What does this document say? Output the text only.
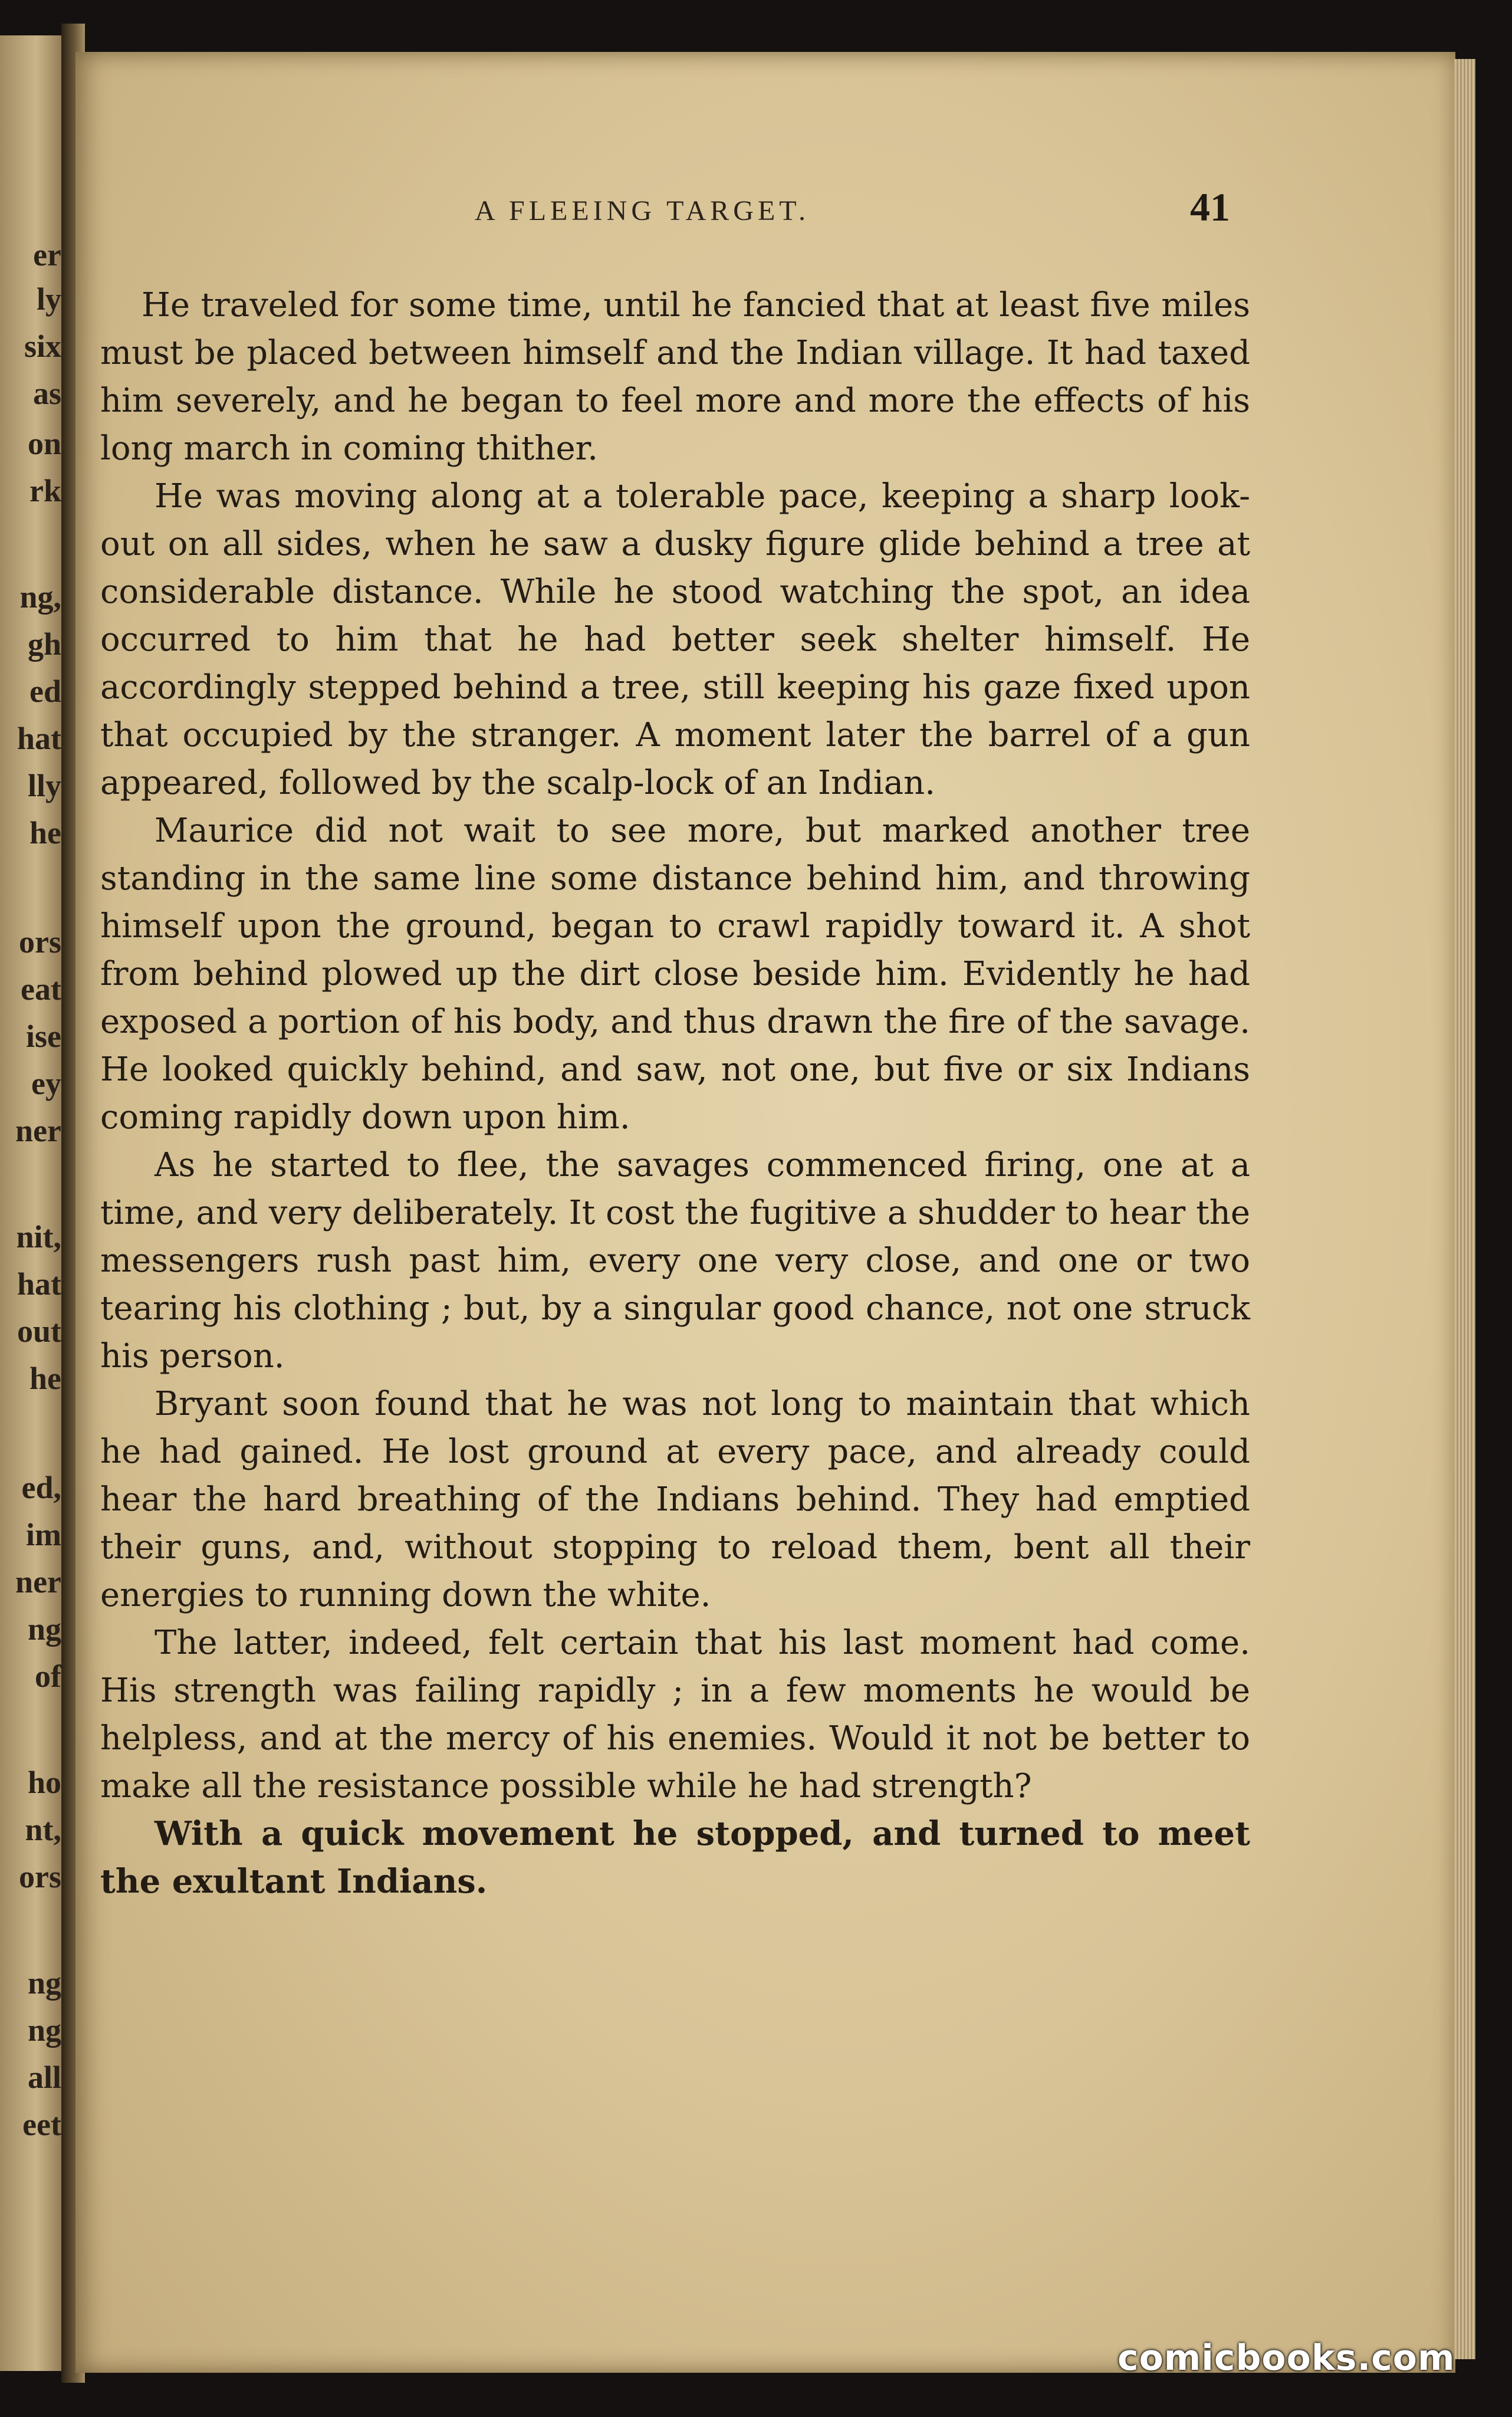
er
ly
six
as
on
rk
ng,
gh
ed
hat
lly
he
ors
eat
ise
ey
ner
nit,
hat
out
he
ed,
im
ner
ng
of
ho
nt,
ors
ng
ng
all
eet
A FLEEING TARGET.	41

He traveled for some time, until he fancied that at least five miles must be placed between himself and the Indian village. It had taxed him severely, and he began to feel more and more the effects of his long march in coming thither.

He was moving along at a tolerable pace, keeping a sharp look-out on all sides, when he saw a dusky figure glide behind a tree at considerable distance. While he stood watching the spot, an idea occurred to him that he had better seek shelter himself. He accordingly stepped behind a tree, still keeping his gaze fixed upon that occupied by the stranger. A moment later the barrel of a gun appeared, followed by the scalp-lock of an Indian.

Maurice did not wait to see more, but marked another tree standing in the same line some distance behind him, and throwing himself upon the ground, began to crawl rapidly toward it. A shot from behind plowed up the dirt close beside him. Evidently he had exposed a portion of his body, and thus drawn the fire of the savage. He looked quickly behind, and saw, not one, but five or six Indians coming rapidly down upon him.

As he started to flee, the savages commenced firing, one at a time, and very deliberately. It cost the fugitive a shudder to hear the messengers rush past him, every one very close, and one or two tearing his clothing ; but, by a singular good chance, not one struck his person.

Bryant soon found that he was not long to maintain that which he had gained. He lost ground at every pace, and already could hear the hard breathing of the Indians behind. They had emptied their guns, and, without stopping to reload them, bent all their energies to running down the white.

The latter, indeed, felt certain that his last moment had come. His strength was failing rapidly ; in a few moments he would be helpless, and at the mercy of his enemies. Would it not be better to make all the resistance possible while he had strength?

With a quick movement he stopped, and turned to meet the exultant Indians.

comicbooks.com
